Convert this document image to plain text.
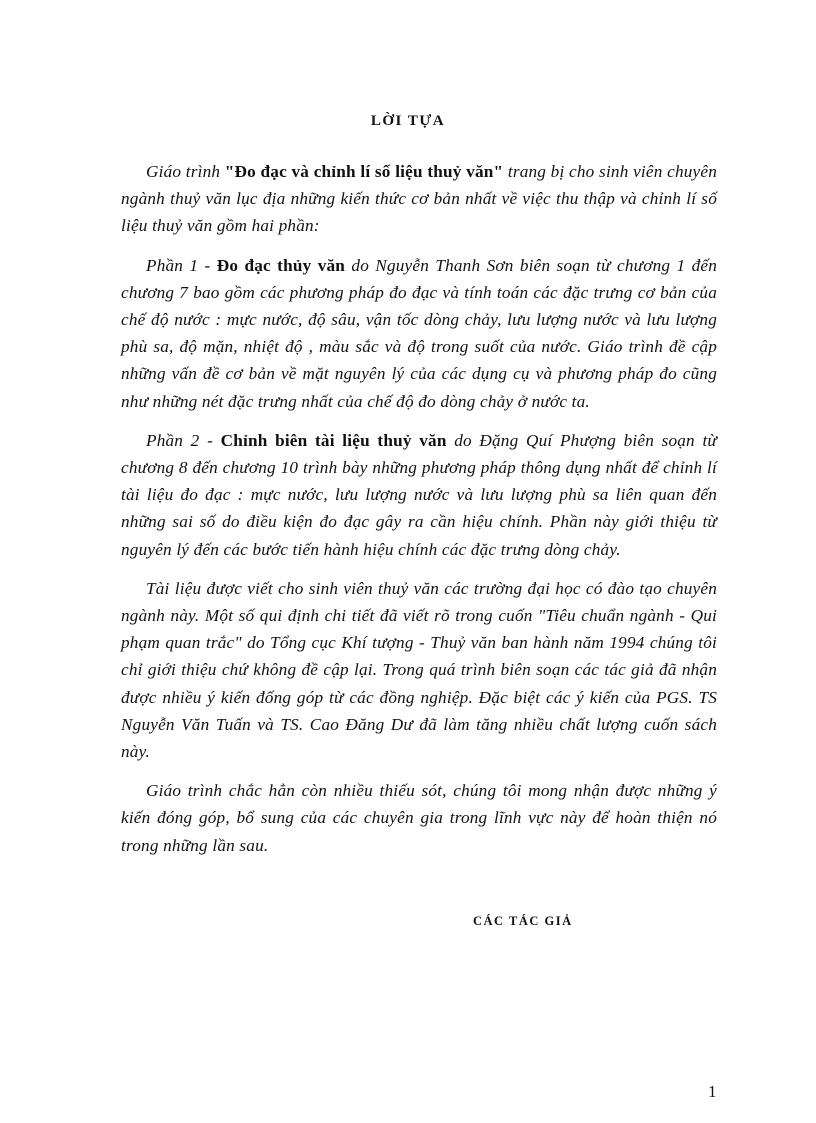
LỜI TỰA

Giáo trình "Đo đạc và chỉnh lí số liệu thuỷ văn" trang bị cho sinh viên chuyên ngành thuỷ văn lục địa những kiến thức cơ bản nhất về việc thu thập và chỉnh lí số liệu thuỷ văn gồm hai phần:

Phần 1 - Đo đạc thủy văn do Nguyễn Thanh Sơn biên soạn từ chương 1 đến chương 7 bao gồm các phương pháp đo đạc và tính toán các đặc trưng cơ bản của chế độ nước : mực nước, độ sâu, vận tốc dòng chảy, lưu lượng nước và lưu lượng phù sa, độ mặn, nhiệt độ , màu sắc và độ trong suốt của nước. Giáo trình đề cập những vấn đề cơ bản về mặt nguyên lý của các dụng cụ và phương pháp đo cũng như những nét đặc trưng nhất của chế độ đo dòng chảy ở nước ta.

Phần 2 - Chỉnh biên tài liệu thuỷ văn do Đặng Quí Phượng biên soạn từ chương 8 đến chương 10 trình bày những phương pháp thông dụng nhất để chỉnh lí tài liệu đo đạc : mực nước, lưu lượng nước và lưu lượng phù sa liên quan đến những sai số do điều kiện đo đạc gây ra cần hiệu chính. Phần này giới thiệu từ nguyên lý đến các bước tiến hành hiệu chính các đặc trưng dòng chảy.

Tài liệu được viết cho sinh viên thuỷ văn các trường đại học có đào tạo chuyên ngành này. Một số qui định chi tiết đã viết rõ trong cuốn "Tiêu chuẩn ngành - Qui phạm quan trắc" do Tổng cục Khí tượng - Thuỷ văn ban hành năm 1994 chúng tôi chỉ giới thiệu chứ không đề cập lại. Trong quá trình biên soạn các tác giả đã nhận được nhiều ý kiến đống góp từ các đồng nghiệp. Đặc biệt các ý kiến của PGS. TS Nguyễn Văn Tuấn và TS. Cao Đăng Dư đã làm tăng nhiều chất lượng cuốn sách này.

Giáo trình chắc hẳn còn nhiều thiếu sót, chúng tôi mong nhận được những ý kiến đóng góp, bổ sung của các chuyên gia trong lĩnh vực này để hoàn thiện nó trong những lần sau.

CÁC TÁC GIẢ
1
